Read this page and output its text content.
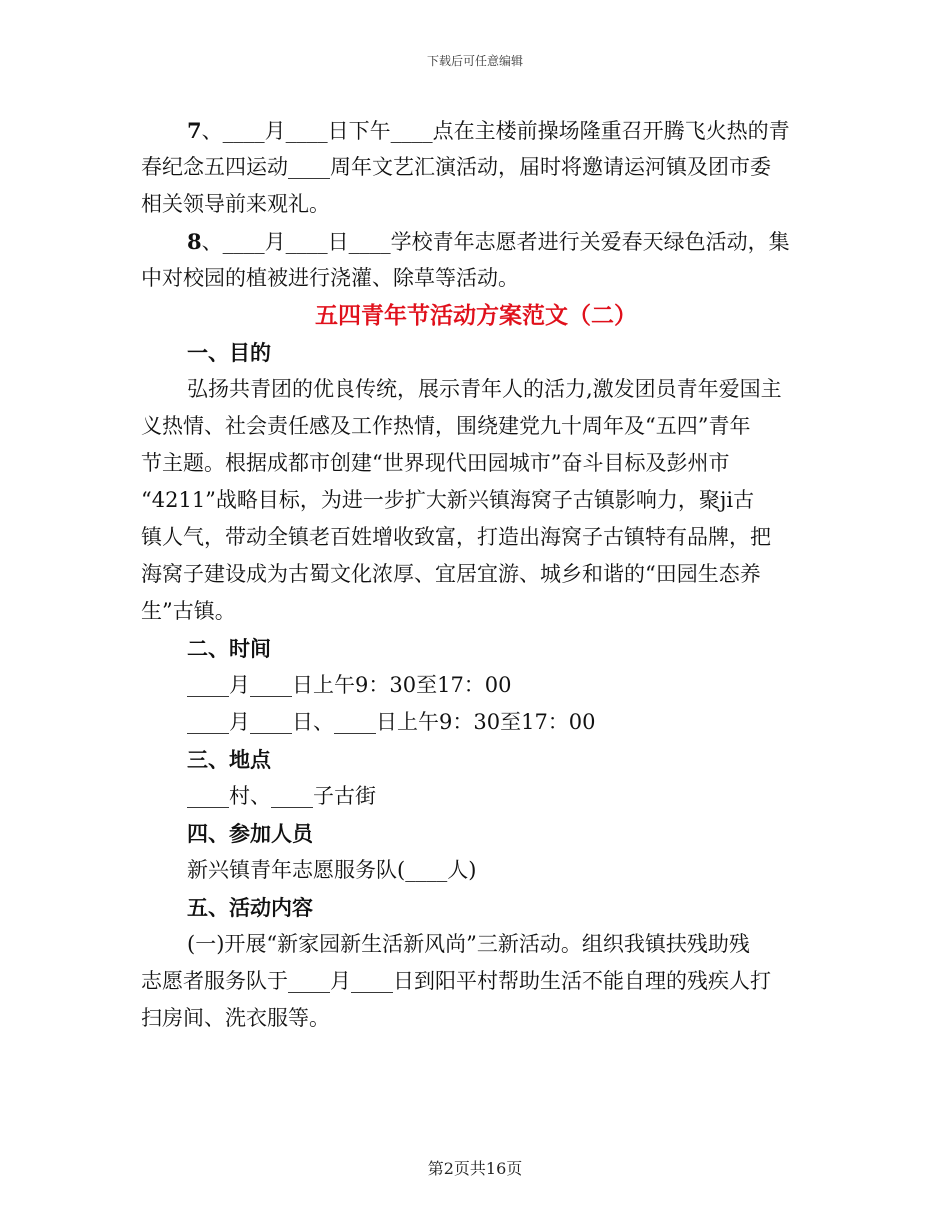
下载后可任意编辑
7、____月____日下午____点在主楼前操场隆重召开腾飞火热的青
春纪念五四运动____周年文艺汇演活动，届时将邀请运河镇及团市委
相关领导前来观礼。
8、____月____日____学校青年志愿者进行关爱春天绿色活动，集
中对校园的植被进行浇灌、除草等活动。
五四青年节活动方案范文（二）
一、目的
弘扬共青团的优良传统，展示青年人的活力,激发团员青年爱国主
义热情、社会责任感及工作热情，围绕建党九十周年及“五四”青年
节主题。根据成都市创建“世界现代田园城市”奋斗目标及彭州市
“4211”战略目标，为进一步扩大新兴镇海窝子古镇影响力，聚ji古
镇人气，带动全镇老百姓增收致富，打造出海窝子古镇特有品牌，把
海窝子建设成为古蜀文化浓厚、宜居宜游、城乡和谐的“田园生态养
生”古镇。
二、时间
____月____日上午9：30至17：00
____月____日、____日上午9：30至17：00
三、地点
____村、____子古街
四、参加人员
新兴镇青年志愿服务队(____人)
五、活动内容
(一)开展“新家园新生活新风尚”三新活动。组织我镇扶残助残
志愿者服务队于____月____日到阳平村帮助生活不能自理的残疾人打
扫房间、洗衣服等。
第2页共16页
